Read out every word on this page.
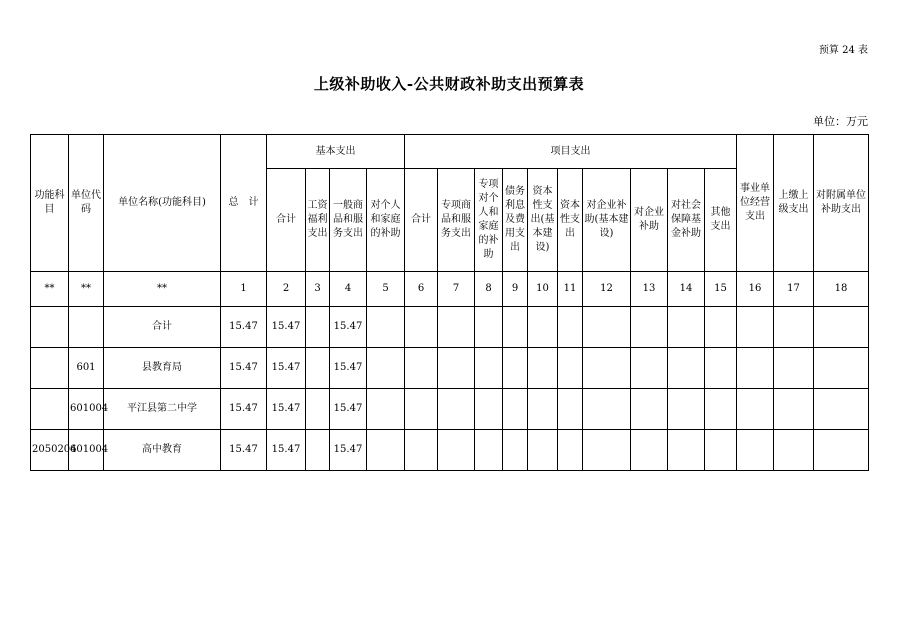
预算 24 表
上级补助收入-公共财政补助支出预算表
单位：万元
功能科目	单位代码	单位名称(功能科目)	总　计	基本支出				项目支出										事业单位经营支出	上缴上级支出	对附属单位补助支出
				合计	工资福利支出	一般商品和服务支出	对个人和家庭的补助	合计	专项商品和服务支出	专项对个人和家庭的补助	债务利息及费用支出	资本性支出(基本建设)	资本性支出	对企业补助(基本建设)	对企业补助	对社会保障基金补助	其他支出			
**	**	**	1	2	3	4	5	6	7	8	9	10	11	12	13	14	15	16	17	18
		合计	15.47	15.47		15.47														
	601	县教育局	15.47	15.47		15.47														
	601004	平江县第二中学	15.47	15.47		15.47														
2050204	601004	高中教育	15.47	15.47		15.47														
